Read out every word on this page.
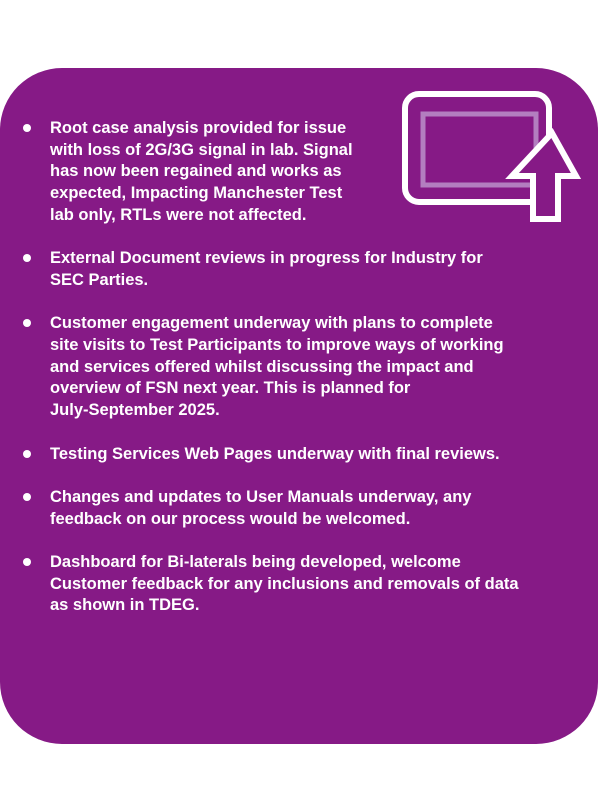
Root case analysis provided for issue
with loss of 2G/3G signal in lab. Signal
has now been regained and works as
expected, Impacting Manchester Test
lab only, RTLs were not affected.
External Document reviews in progress for Industry for
SEC Parties.
Customer engagement underway with plans to complete
site visits to Test Participants to improve ways of working
and services offered whilst discussing the impact and
overview of FSN next year. This is planned for
July-September 2025.
Testing Services Web Pages underway with final reviews.
Changes and updates to User Manuals underway, any
feedback on our process would be welcomed.
Dashboard for Bi-laterals being developed, welcome
Customer feedback for any inclusions and removals of data
as shown in TDEG.
